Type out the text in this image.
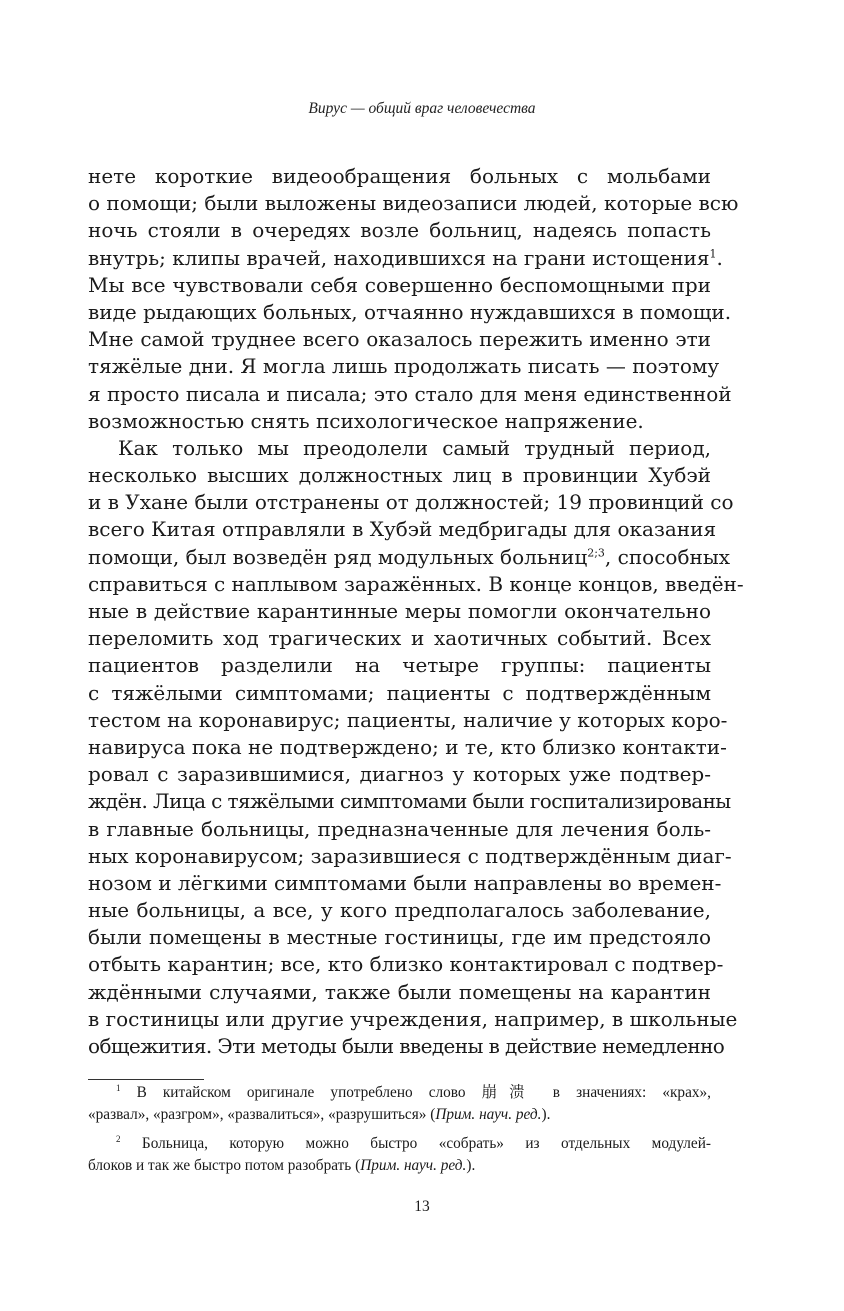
Вирус — общий враг человечества
нете короткие видеообращения больных с мольбами
о помощи; были выложены видеозаписи людей, которые всю
ночь стояли в очередях возле больниц, надеясь попасть
внутрь; клипы врачей, находившихся на грани истощения$^1$.
Мы все чувствовали себя совершенно беспомощными при
виде рыдающих больных, отчаянно нуждавшихся в помощи.
Мне самой труднее всего оказалось пережить именно эти
тяжёлые дни. Я могла лишь продолжать писать — поэтому
я просто писала и писала; это стало для меня единственной
возможностью снять психологическое напряжение.
Как только мы преодолели самый трудный период,
несколько высших должностных лиц в провинции Хубэй
и в Ухане были отстранены от должностей; 19 провинций со
всего Китая отправляли в Хубэй медбригады для оказания
помощи, был возведён ряд модульных больниц$^{2;3}$, способных
справиться с наплывом заражённых. В конце концов, введён-
ные в действие карантинные меры помогли окончательно
переломить ход трагических и хаотичных событий. Всех
пациентов разделили на четыре группы: пациенты
с тяжёлыми симптомами; пациенты с подтверждённым
тестом на коронавирус; пациенты, наличие у которых коро-
навируса пока не подтверждено; и те, кто близко контакти-
ровал с заразившимися, диагноз у которых уже подтвер-
ждён. Лица с тяжёлыми симптомами были госпитализированы
в главные больницы, предназначенные для лечения боль-
ных коронавирусом; заразившиеся с подтверждённым диаг-
нозом и лёгкими симптомами были направлены во времен-
ные больницы, а все, у кого предполагалось заболевание,
были помещены в местные гостиницы, где им предстояло
отбыть карантин; все, кто близко контактировал с подтвер-
ждёнными случаями, также были помещены на карантин
в гостиницы или другие учреждения, например, в школьные
общежития. Эти методы были введены в действие немедленно
$^1$ В китайском оригинале употреблено слово 崩溃 в значениях: «крах»,
«развал», «разгром», «развалиться», «разрушиться» (Прим. науч. ред.).
$^2$ Больница, которую можно быстро «собрать» из отдельных модулей-
блоков и так же быстро потом разобрать (Прим. науч. ред.).
13
